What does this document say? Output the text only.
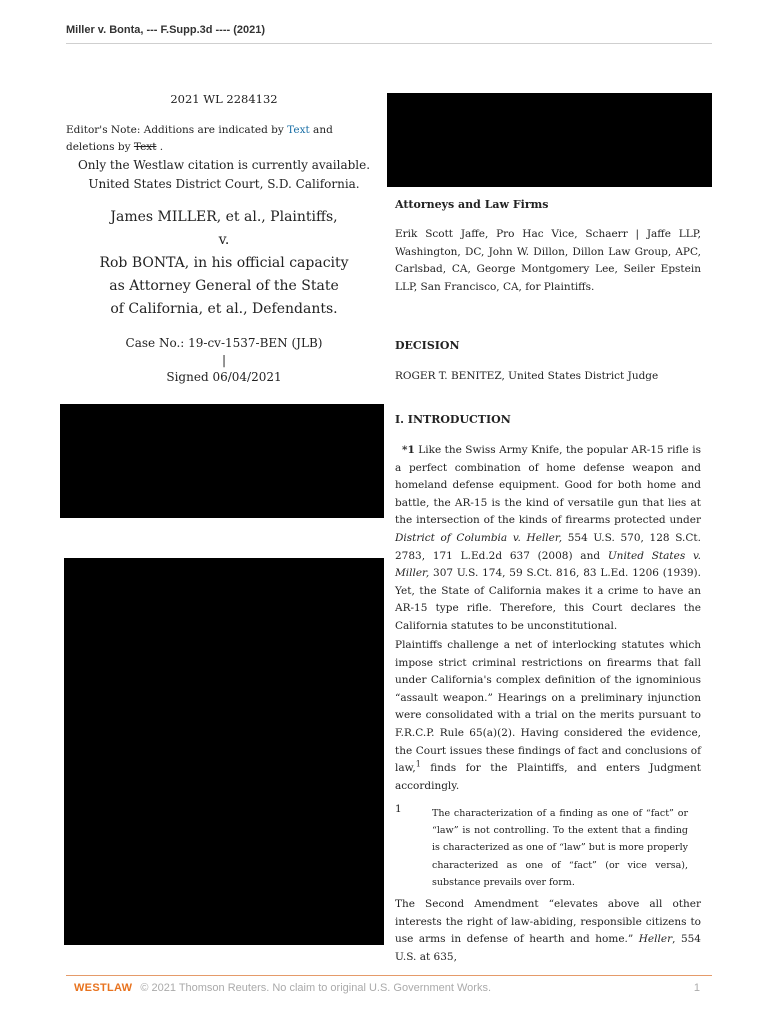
Miller v. Bonta, --- F.Supp.3d ---- (2021)
2021 WL 2284132
Editor's Note: Additions are indicated by Text and deletions by Text .
Only the Westlaw citation is currently available.
United States District Court, S.D. California.
James MILLER, et al., Plaintiffs,
v.
Rob BONTA, in his official capacity
as Attorney General of the State
of California, et al., Defendants.
Case No.: 19-cv-1537-BEN (JLB)
|
Signed 06/04/2021
Attorneys and Law Firms

Erik Scott Jaffe, Pro Hac Vice, Schaerr | Jaffe LLP, Washington, DC, John W. Dillon, Dillon Law Group, APC, Carlsbad, CA, George Montgomery Lee, Seiler Epstein LLP, San Francisco, CA, for Plaintiffs.

DECISION
ROGER T. BENITEZ, United States District Judge
I. INTRODUCTION

*1 Like the Swiss Army Knife, the popular AR-15 rifle is a perfect combination of home defense weapon and homeland defense equipment. Good for both home and battle, the AR-15 is the kind of versatile gun that lies at the intersection of the kinds of firearms protected under District of Columbia v. Heller, 554 U.S. 570, 128 S.Ct. 2783, 171 L.Ed.2d 637 (2008) and United States v. Miller, 307 U.S. 174, 59 S.Ct. 816, 83 L.Ed. 1206 (1939). Yet, the State of California makes it a crime to have an AR-15 type rifle. Therefore, this Court declares the California statutes to be unconstitutional.

Plaintiffs challenge a net of interlocking statutes which impose strict criminal restrictions on firearms that fall under California's complex definition of the ignominious “assault weapon.” Hearings on a preliminary injunction were consolidated with a trial on the merits pursuant to F.R.C.P. Rule 65(a)(2). Having considered the evidence, the Court issues these findings of fact and conclusions of law,$^1$ finds for the Plaintiffs, and enters Judgment accordingly.

1	The characterization of a finding as one of “fact” or “law” is not controlling. To the extent that a finding is characterized as one of “law” but is more properly characterized as one of “fact” (or vice versa), substance prevails over form.

The Second Amendment “elevates above all other interests the right of law-abiding, responsible citizens to use arms in defense of hearth and home.” Heller, 554 U.S. at 635,

WESTLAW © 2021 Thomson Reuters. No claim to original U.S. Government Works.	1
